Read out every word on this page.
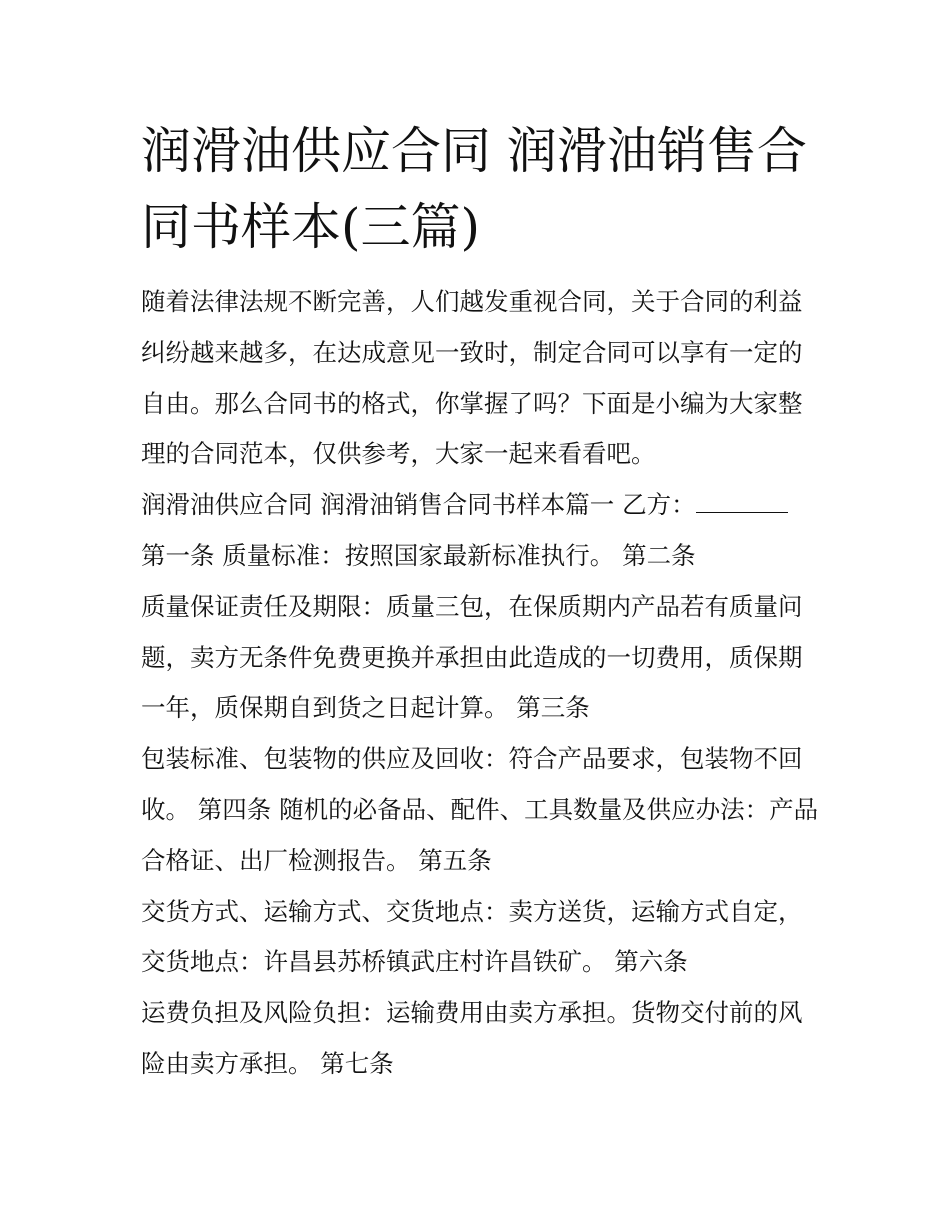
润滑油供应合同 润滑油销售合同书样本(三篇)

随着法律法规不断完善，人们越发重视合同，关于合同的利益纠纷越来越多，在达成意见一致时，制定合同可以享有一定的自由。那么合同书的格式，你掌握了吗？下面是小编为大家整理的合同范本，仅供参考，大家一起来看看吧。

润滑油供应合同 润滑油销售合同书样本篇一 乙方：

第一条 质量标准：按照国家最新标准执行。 第二条

质量保证责任及期限：质量三包，在保质期内产品若有质量问题，卖方无条件免费更换并承担由此造成的一切费用，质保期一年，质保期自到货之日起计算。 第三条

包装标准、包装物的供应及回收：符合产品要求，包装物不回收。 第四条 随机的必备品、配件、工具数量及供应办法：产品合格证、出厂检测报告。 第五条

交货方式、运输方式、交货地点：卖方送货，运输方式自定，交货地点：许昌县苏桥镇武庄村许昌铁矿。 第六条

运费负担及风险负担：运输费用由卖方承担。货物交付前的风险由卖方承担。 第七条
